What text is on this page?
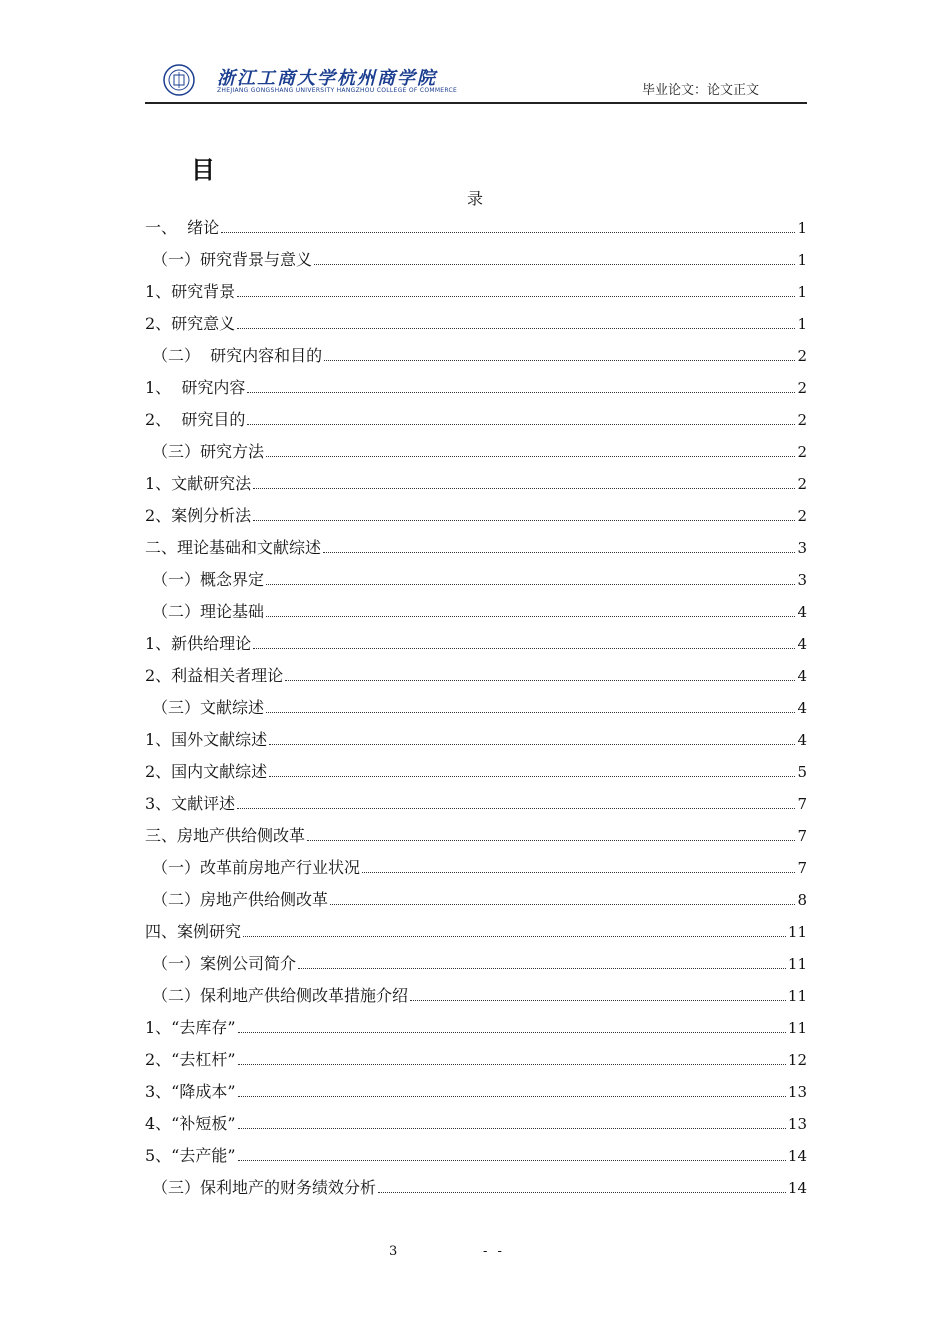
浙江工商大学杭州商学院
ZHEJIANG GONGSHANG UNIVERSITY HANGZHOU COLLEGE OF COMMERCE	毕业论文：论文正文
目
录
一、  绪论	1
（一）研究背景与意义	1
1、研究背景	1
2、研究意义	1
（二）  研究内容和目的	2
1、  研究内容	2
2、  研究目的	2
（三）研究方法	2
1、文献研究法	2
2、案例分析法	2
二、理论基础和文献综述	3
（一）概念界定	3
（二）理论基础	4
1、新供给理论	4
2、利益相关者理论	4
（三）文献综述	4
1、国外文献综述	4
2、国内文献综述	5
3、文献评述	7
三、房地产供给侧改革	7
（一）改革前房地产行业状况	7
（二）房地产供给侧改革	8
四、案例研究	11
（一）案例公司简介	11
（二）保利地产供给侧改革措施介绍	11
1、“去库存”	11
2、“去杠杆”	12
3、“降成本”	13
4、“补短板”	13
5、“去产能”	14
（三）保利地产的财务绩效分析	14
3	- -
